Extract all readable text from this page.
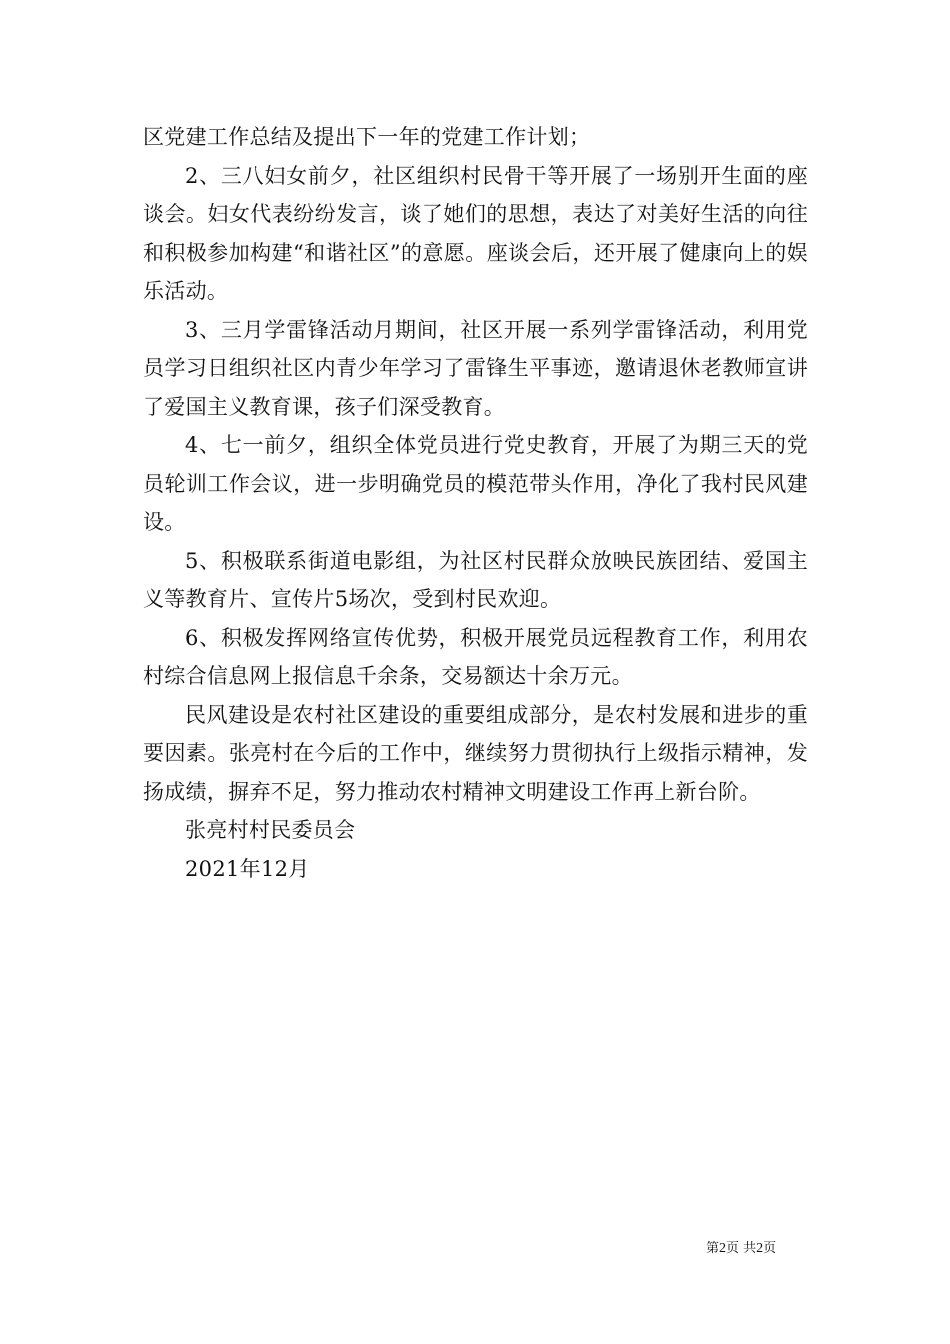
区党建工作总结及提出下一年的党建工作计划；

2、三八妇女前夕，社区组织村民骨干等开展了一场别开生面的座谈会。妇女代表纷纷发言，谈了她们的思想，表达了对美好生活的向往和积极参加构建“和谐社区”的意愿。座谈会后，还开展了健康向上的娱乐活动。

3、三月学雷锋活动月期间，社区开展一系列学雷锋活动，利用党员学习日组织社区内青少年学习了雷锋生平事迹，邀请退休老教师宣讲了爱国主义教育课，孩子们深受教育。

4、七一前夕，组织全体党员进行党史教育，开展了为期三天的党员轮训工作会议，进一步明确党员的模范带头作用，净化了我村民风建设。

5、积极联系街道电影组，为社区村民群众放映民族团结、爱国主义等教育片、宣传片5场次，受到村民欢迎。

6、积极发挥网络宣传优势，积极开展党员远程教育工作，利用农村综合信息网上报信息千余条，交易额达十余万元。

民风建设是农村社区建设的重要组成部分，是农村发展和进步的重要因素。张亮村在今后的工作中，继续努力贯彻执行上级指示精神，发扬成绩，摒弃不足，努力推动农村精神文明建设工作再上新台阶。

张亮村村民委员会

2021年12月

第2页 共2页
